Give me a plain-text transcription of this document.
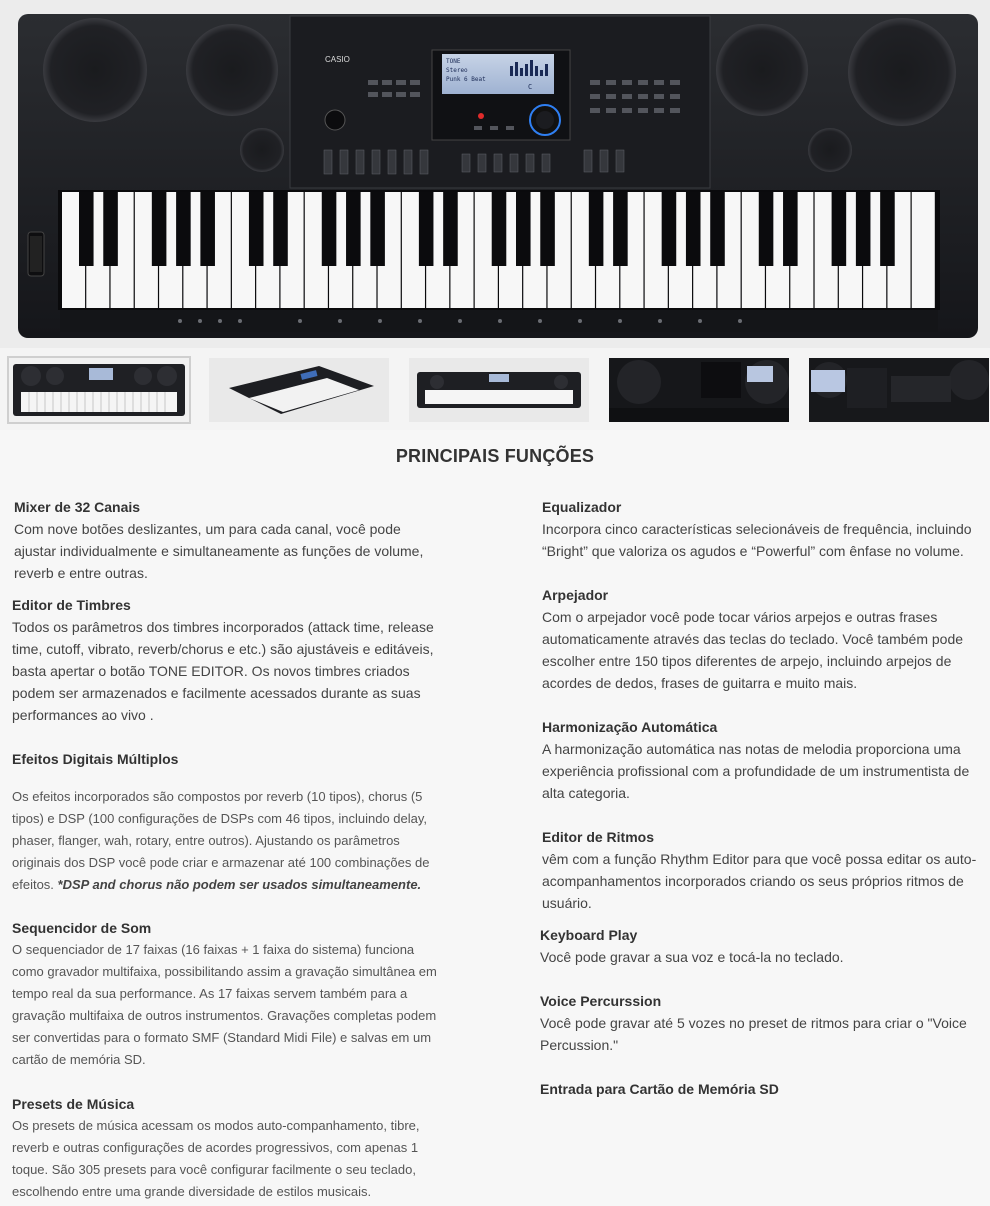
CASIO	TONE
Stereo
Punk 6 Beat
C
PRINCIPAIS FUNÇÕES
Mixer de 32 Canais

Com nove botões deslizantes, um para cada canal, você pode

ajustar individualmente e simultaneamente as funções de volume,

reverb e entre outras.

Editor de Timbres

Todos os parâmetros dos timbres incorporados (attack time, release

time, cutoff, vibrato, reverb/chorus e etc.) são ajustáveis e editáveis,

basta apertar o botão TONE EDITOR. Os novos timbres criados

podem ser armazenados e facilmente acessados durante as suas

performances ao vivo .

Efeitos Digitais Múltiplos

Os efeitos incorporados são compostos por reverb (10 tipos), chorus (5

tipos) e DSP (100 configurações de DSPs com 46 tipos, incluindo delay,

phaser, flanger, wah, rotary, entre outros). Ajustando os parâmetros

originais dos DSP você pode criar e armazenar até 100 combinações de

efeitos. *DSP and chorus não podem ser usados simultaneamente.

Sequencidor de Som

O sequenciador de 17 faixas (16 faixas + 1 faixa do sistema) funciona

como gravador multifaixa, possibilitando assim a gravação simultânea em

tempo real da sua performance. As 17 faixas servem também para a

gravação multifaixa de outros instrumentos. Gravações completas podem

ser convertidas para o formato SMF (Standard Midi File) e salvas em um

cartão de memória SD.

Presets de Música

Os presets de música acessam os modos auto-companhamento, tibre,

reverb e outras configurações de acordes progressivos, com apenas 1

toque. São 305 presets para você configurar facilmente o seu teclado,

escolhendo entre uma grande diversidade de estilos musicais.

Equalizador

Incorpora cinco características selecionáveis de frequência, incluindo

“Bright” que valoriza os agudos e “Powerful” com ênfase no volume.

Arpejador

Com o arpejador você pode tocar vários arpejos e outras frases

automaticamente através das teclas do teclado. Você também pode

escolher entre 150 tipos diferentes de arpejo, incluindo arpejos de

acordes de dedos, frases de guitarra e muito mais.

Harmonização Automática

A harmonização automática nas notas de melodia proporciona uma

experiência profissional com a profundidade de um instrumentista de

alta categoria.

Editor de Ritmos

vêm com a função Rhythm Editor para que você possa editar os auto-

acompanhamentos incorporados criando os seus próprios ritmos de

usuário.

Keyboard Play

Você pode gravar a sua voz e tocá-la no teclado.

Voice Percurssion

Você pode gravar até 5 vozes no preset de ritmos para criar o "Voice

Percussion."

Entrada para Cartão de Memória SD
